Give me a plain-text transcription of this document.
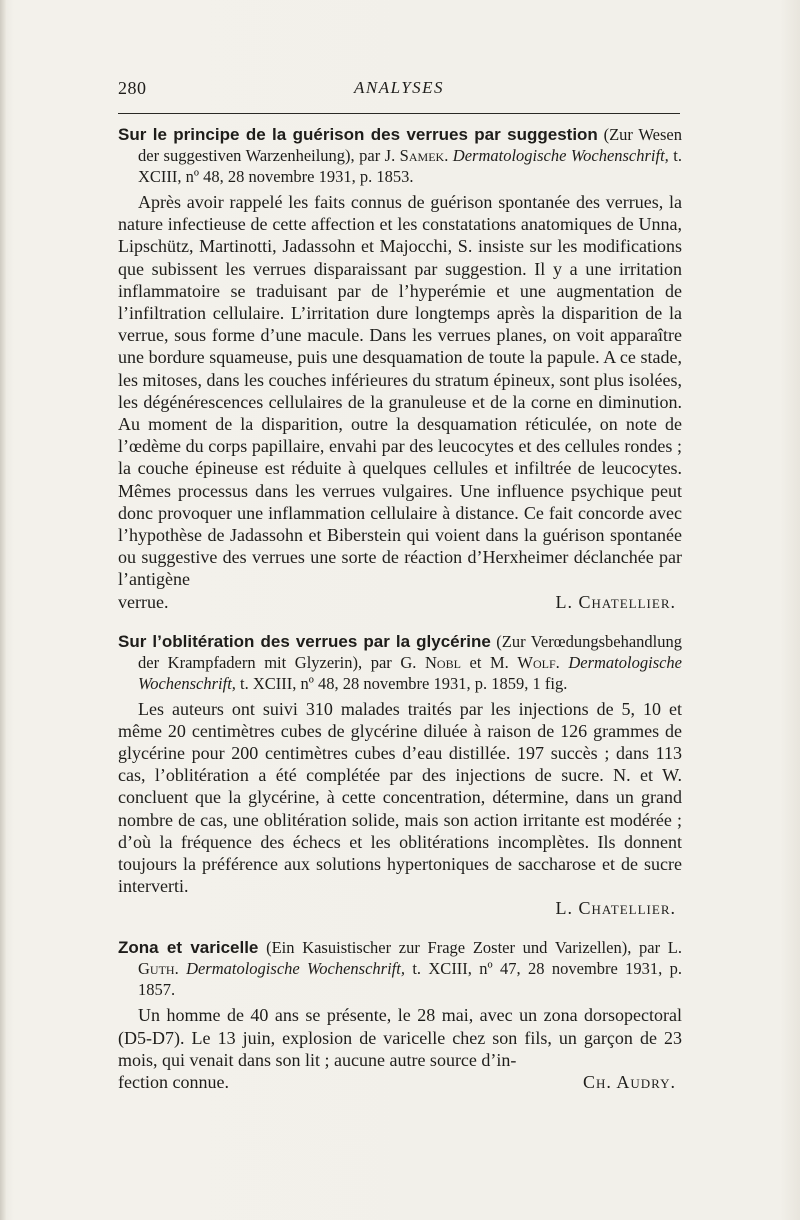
280	ANALYSES
Sur le principe de la guérison des verrues par suggestion (Zur Wesen der suggestiven Warzenheilung), par J. Samek. Dermatologische Wochenschrift, t. XCIII, nº 48, 28 novembre 1931, p. 1853.

Après avoir rappelé les faits connus de guérison spontanée des verrues, la nature infectieuse de cette affection et les constatations anatomiques de Unna, Lipschütz, Martinotti, Jadassohn et Majocchi, S. insiste sur les modifications que subissent les verrues disparaissant par suggestion. Il y a une irritation inflammatoire se traduisant par de l’hyperémie et une augmentation de l’infiltration cellulaire. L’irritation dure longtemps après la disparition de la verrue, sous forme d’une macule. Dans les verrues planes, on voit apparaître une bordure squameuse, puis une desquamation de toute la papule. A ce stade, les mitoses, dans les couches inférieures du stratum épineux, sont plus isolées, les dégénérescences cellulaires de la granuleuse et de la corne en diminution. Au moment de la disparition, outre la desquamation réticulée, on note de l’œdème du corps papillaire, envahi par des leucocytes et des cellules rondes ; la couche épineuse est réduite à quelques cellules et infiltrée de leucocytes. Mêmes processus dans les verrues vulgaires. Une influence psychique peut donc provoquer une inflammation cellulaire à distance. Ce fait concorde avec l’hypothèse de Jadassohn et Biberstein qui voient dans la guérison spontanée ou suggestive des verrues une sorte de réaction d’Herxheimer déclanchée par l’antigène

verrue.	L. Chatellier.
Sur l’oblitération des verrues par la glycérine (Zur Verœdungsbehandlung der Krampfadern mit Glyzerin), par G. Nobl et M. Wolf. Dermatologische Wochenschrift, t. XCIII, nº 48, 28 novembre 1931, p. 1859, 1 fig.

Les auteurs ont suivi 310 malades traités par les injections de 5, 10 et même 20 centimètres cubes de glycérine diluée à raison de 126 grammes de glycérine pour 200 centimètres cubes d’eau distillée. 197 succès ; dans 113 cas, l’oblitération a été complétée par des injections de sucre. N. et W. concluent que la glycérine, à cette concentration, détermine, dans un grand nombre de cas, une oblitération solide, mais son action irritante est modérée ; d’où la fréquence des échecs et les oblitérations incomplètes. Ils donnent toujours la préférence aux solutions hypertoniques de saccharose et de sucre interverti.

L. Chatellier.
Zona et varicelle (Ein Kasuistischer zur Frage Zoster und Varizellen), par L. Guth. Dermatologische Wochenschrift, t. XCIII, nº 47, 28 novembre 1931, p. 1857.

Un homme de 40 ans se présente, le 28 mai, avec un zona dorsopectoral (D5-D7). Le 13 juin, explosion de varicelle chez son fils, un garçon de 23 mois, qui venait dans son lit ; aucune autre source d’in-

fection connue.	Ch. Audry.
